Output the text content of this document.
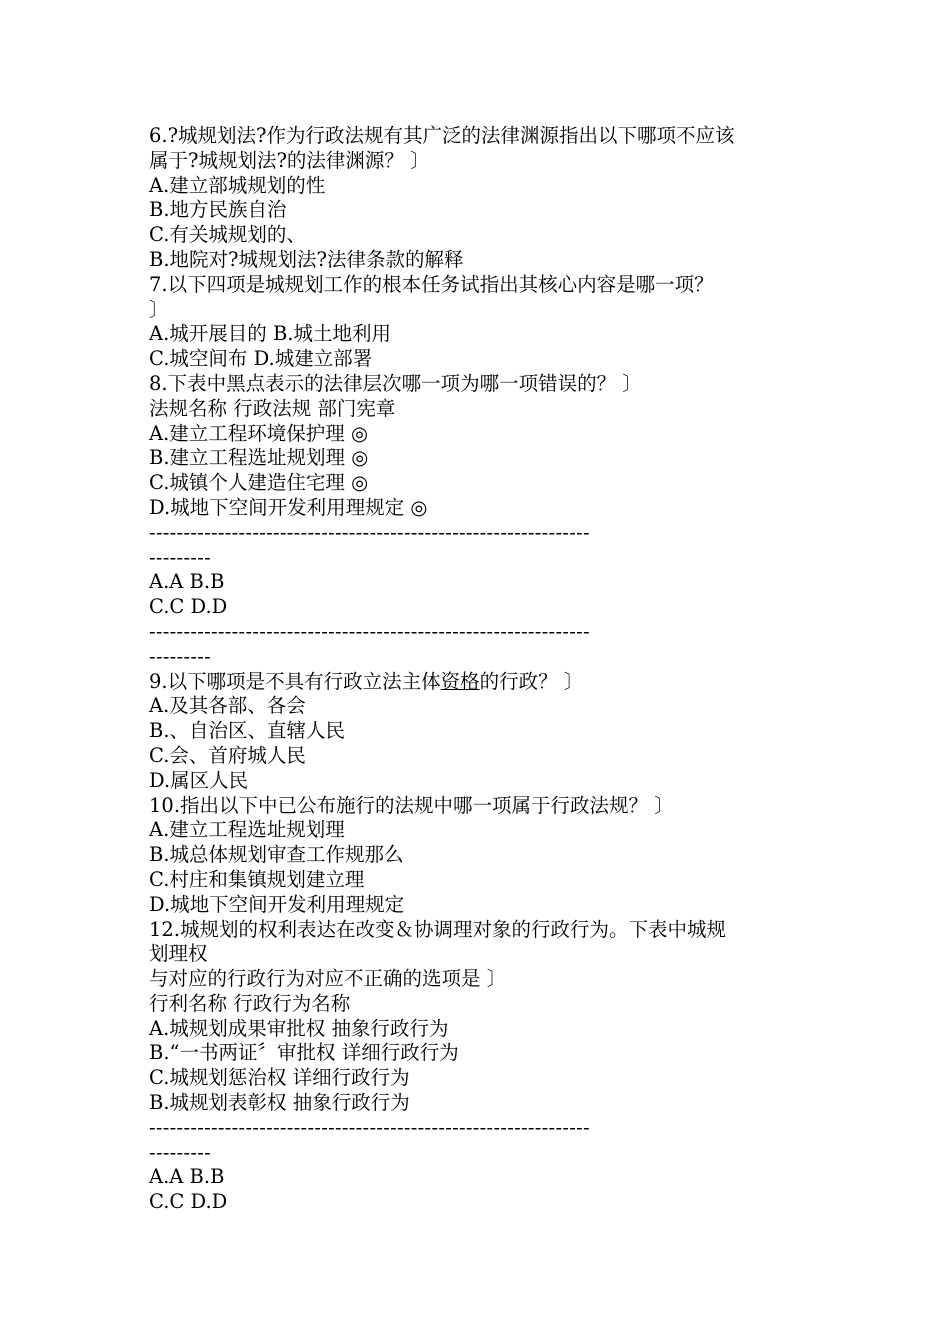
6.?城规划法?作为行政法规有其广泛的法律渊源指出以下哪项不应该
属于?城规划法?的法律渊源？ 〕
A.建立部城规划的性
B.地方民族自治
C.有关城规划的、
B.地院对?城规划法?法律条款的解释
7.以下四项是城规划工作的根本任务试指出其核心内容是哪一项？
〕
A.城开展目的 B.城土地利用
C.城空间布 D.城建立部署
8.下表中黑点表示的法律层次哪一项为哪一项错误的？ 〕
法规名称 行政法规 部门宪章
A.建立工程环境保护理 ◎
B.建立工程选址规划理 ◎
C.城镇个人建造住宅理 ◎
D.城地下空间开发利用理规定 ◎
----------------------------------------------------------------
---------
A.A B.B
C.C D.D
----------------------------------------------------------------
---------
9.以下哪项是不具有行政立法主体资格的行政？ 〕
A.及其各部、各会
B.、自治区、直辖人民
C.会、首府城人民
D.属区人民
10.指出以下中已公布施行的法规中哪一项属于行政法规？ 〕
A.建立工程选址规划理
B.城总体规划审查工作规那么
C.村庄和集镇规划建立理
D.城地下空间开发利用理规定
12.城规划的权利表达在改变＆协调理对象的行政行为。下表中城规
划理权
与对应的行政行为对应不正确的选项是 〕
行利名称 行政行为名称
A.城规划成果审批权 抽象行政行为
B.“一书两证〞审批权 详细行政行为
C.城规划惩治权 详细行政行为
B.城规划表彰权 抽象行政行为
----------------------------------------------------------------
---------
A.A B.B
C.C D.D
